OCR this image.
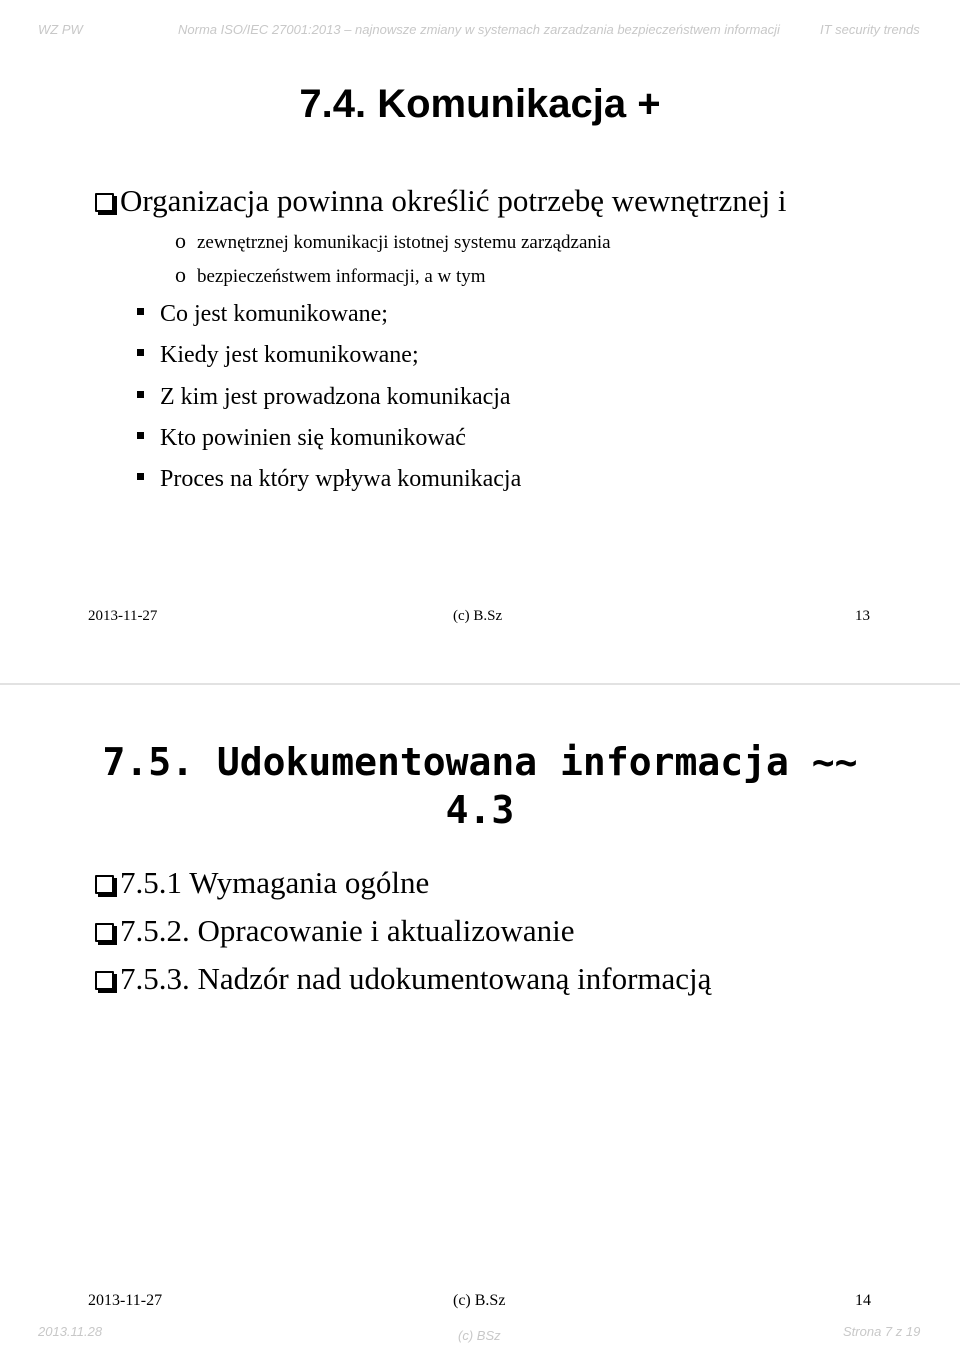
WZ PW	Norma ISO/IEC 27001:2013 – najnowsze zmiany w systemach zarzadzania bezpieczeństwem informacji	IT security trends
7.4. Komunikacja +
Organizacja powinna określić potrzebę wewnętrznej i
o zewnętrznej komunikacji istotnej systemu zarządzania
o bezpieczeństwem informacji, a w tym
Co jest komunikowane;
Kiedy jest komunikowane;
Z kim jest prowadzona komunikacja
Kto powinien się komunikować
Proces na który wpływa komunikacja
2013-11-27	(c) B.Sz	13
7.5. Udokumentowana informacja ~~
4.3
7.5.1 Wymagania ogólne
7.5.2. Opracowanie i aktualizowanie
7.5.3. Nadzór nad udokumentowaną informacją
2013-11-27	(c) B.Sz	14
2013.11.28	(c) BSz	Strona 7 z 19
